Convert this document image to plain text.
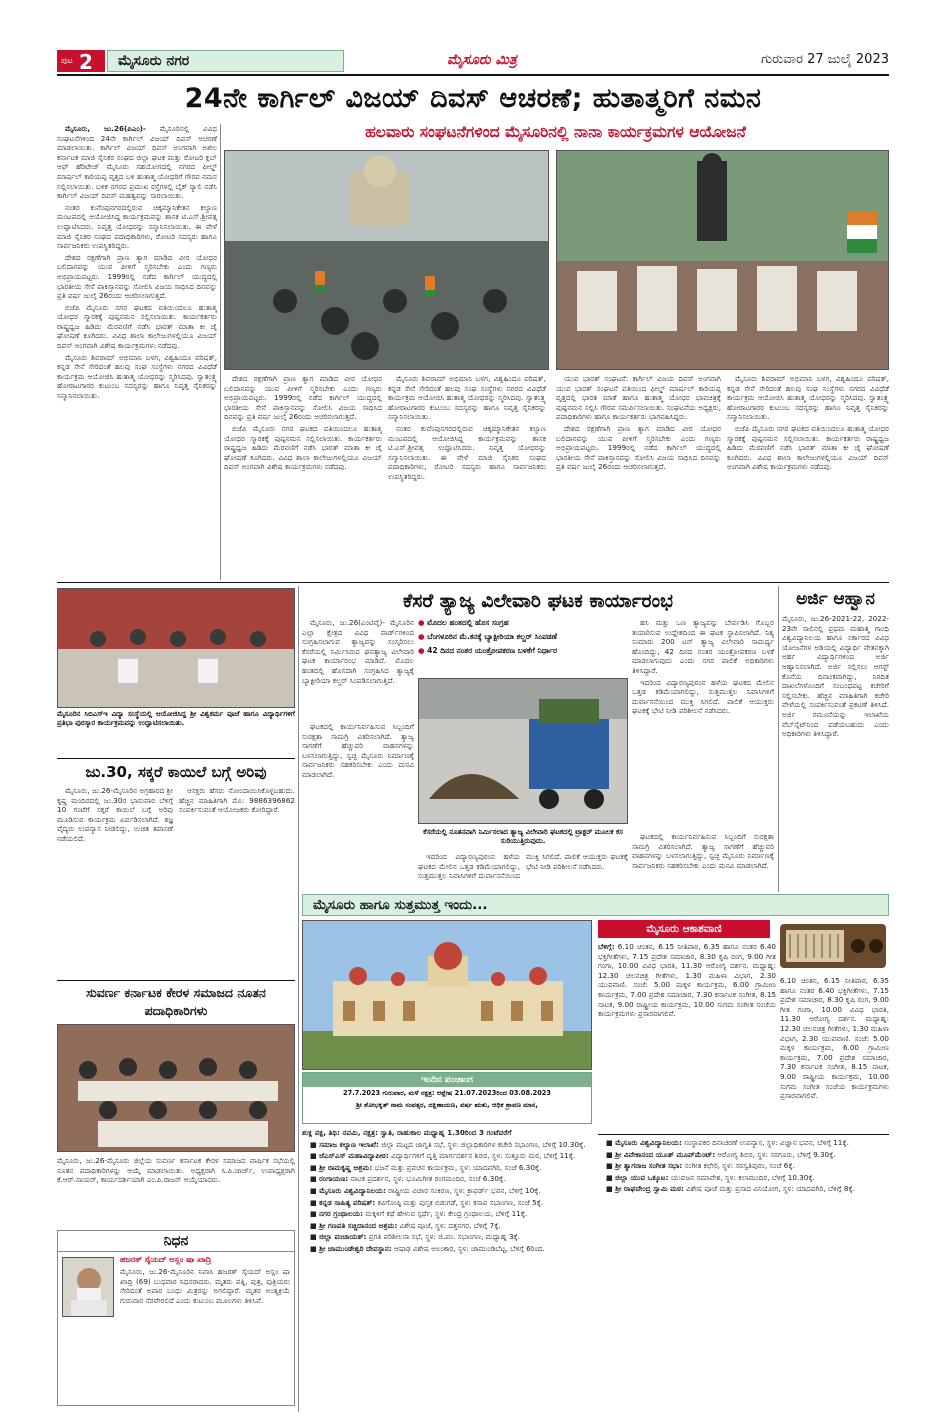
ಪುಟ 2 ಮೈಸೂರು ನಗರ	ಮೈಸೂರು ಮಿತ್ರ	ಗುರುವಾರ 27 ಜುಲೈ 2023
24ನೇ ಕಾರ್ಗಿಲ್ ವಿಜಯ್ ದಿವಸ್ ಆಚರಣೆ; ಹುತಾತ್ಮರಿಗೆ ನಮನ
ಹಲವಾರು ಸಂಘಟನೆಗಳಿಂದ ಮೈಸೂರಿನಲ್ಲಿ ನಾನಾ ಕಾರ್ಯಕ್ರಮಗಳ ಆಯೋಜನೆ

ಮೈಸೂರು, ಜು.26(ಪಿಎಂ)- ಮೈಸೂರಿನಲ್ಲಿ ವಿವಿಧ ಸಂಘಟನೆಗಳಿಂದ 24ನೇ ಕಾರ್ಗಿಲ್ ವಿಜಯ್ ದಿವಸ್ ಆಚರಣೆ ಮಾಡಲಾಯಿತು. ಕಾರ್ಗಿಲ್ ವಿಜಯ್ ದಿವಸ್ ಅಂಗವಾಗಿ ಅಖಿಲ ಕರ್ನಾಟಕ ಮಾಜಿ ಸೈನಿಕರ ಸಂಘದ ಜಿಲ್ಲಾ ಘಟಕ ಮತ್ತು ರೋಟರಿ ಕ್ಲಬ್ ಆಫ್ ಹೆರಿಟೇಜ್ ಮೈಸೂರು ಸಹಯೋಗದಲ್ಲಿ ನಗರದ ಫೀಲ್ಡ್ ಮಾರ್ಷಲ್ ಕಾರಿಯಪ್ಪ ವೃತ್ತದ ಬಳಿ ಹುತಾತ್ಮ ಯೋಧರಿಗೆ ಗೌರವ ನಮನ ಸಲ್ಲಿಸಲಾಯಿತು. ಬಳಿಕ ನಗರದ ಪ್ರಮುಖ ರಸ್ತೆಗಳಲ್ಲಿ ಬೈಕ್ ರ‍್ಯಾಲಿ ನಡೆಸಿ ಕಾರ್ಗಿಲ್ ವಿಜಯ್ ದಿವಸ್ ಮಹತ್ವವನ್ನು ಸಾರಲಾಯಿತು.

ನಂತರ ಕುವೆಂಪುನಗರದಲ್ಲಿರುವ ಚಿಕ್ಕಮ್ಮಾನಿಕೇತನ ಕಲ್ಯಾಣ ಮಂಟಪದಲ್ಲಿ ಆಯೋಜಿಸಿದ್ದ ಕಾರ್ಯಕ್ರಮವನ್ನು ಶಾಸಕ ಟಿ.ಎಸ್.ಶ್ರೀವತ್ಸ ಉದ್ಘಾಟಿಸಿದರು. ನಿವೃತ್ತ ಯೋಧರನ್ನು ಸನ್ಮಾನಿಸಲಾಯಿತು. ಈ ವೇಳೆ ಮಾಜಿ ಸೈನಿಕರ ಸಂಘದ ಪದಾಧಿಕಾರಿಗಳು, ರೋಟರಿ ಸದಸ್ಯರು ಹಾಗೂ ಸಾರ್ವಜನಿಕರು ಉಪಸ್ಥಿತರಿದ್ದರು.

ದೇಶದ ರಕ್ಷಣೆಗಾಗಿ ಪ್ರಾಣ ತ್ಯಾಗ ಮಾಡಿದ ವೀರ ಯೋಧರ ಬಲಿದಾನವನ್ನು ಯುವ ಪೀಳಿಗೆ ಸ್ಮರಿಸಬೇಕು ಎಂದು ಗಣ್ಯರು ಅಭಿಪ್ರಾಯಪಟ್ಟರು. 1999ರಲ್ಲಿ ನಡೆದ ಕಾರ್ಗಿಲ್ ಯುದ್ಧದಲ್ಲಿ ಭಾರತೀಯ ಸೇನೆ ಪಾಕಿಸ್ತಾನವನ್ನು ಸೋಲಿಸಿ ವಿಜಯ ಸಾಧಿಸಿದ ದಿನವನ್ನು ಪ್ರತಿ ವರ್ಷ ಜುಲೈ 26ರಂದು ಆಚರಿಸಲಾಗುತ್ತದೆ.

ಬಿಜೆಪಿ ಮೈಸೂರು ನಗರ ಘಟಕದ ವತಿಯಿಂದಲೂ ಹುತಾತ್ಮ ಯೋಧರ ಸ್ಮಾರಕಕ್ಕೆ ಪುಷ್ಪನಮನ ಸಲ್ಲಿಸಲಾಯಿತು. ಕಾರ್ಯಕರ್ತರು ರಾಷ್ಟ್ರಧ್ವಜ ಹಿಡಿದು ಮೆರವಣಿಗೆ ನಡೆಸಿ ಭಾರತ್ ಮಾತಾ ಕೀ ಜೈ ಘೋಷಣೆ ಕೂಗಿದರು. ವಿವಿಧ ಶಾಲಾ ಕಾಲೇಜುಗಳಲ್ಲಿಯೂ ವಿಜಯ್ ದಿವಸ್ ಅಂಗವಾಗಿ ವಿಶೇಷ ಕಾರ್ಯಕ್ರಮಗಳು ನಡೆದವು.

ಮೈಸೂರು ಶಿವರಾಮ್ ಅಭಿಮಾನಿ ಬಳಗ, ವಿಶ್ವಹಿಂದೂ ಪರಿಷತ್, ಕನ್ನಡ ಸೇನೆ ಸೇರಿದಂತೆ ಹಲವು ಸಂಘ ಸಂಸ್ಥೆಗಳು ನಗರದ ವಿವಿಧೆಡೆ ಕಾರ್ಯಕ್ರಮ ಆಯೋಜಿಸಿ ಹುತಾತ್ಮ ಯೋಧರನ್ನು ಸ್ಮರಿಸಿದವು. ಸ್ವಾತಂತ್ರ್ಯ ಹೋರಾಟಗಾರರ ಕುಟುಂಬ ಸದಸ್ಯರನ್ನು ಹಾಗೂ ನಿವೃತ್ತ ಸೈನಿಕರನ್ನು ಸನ್ಮಾನಿಸಲಾಯಿತು.

ದೇಶದ ರಕ್ಷಣೆಗಾಗಿ ಪ್ರಾಣ ತ್ಯಾಗ ಮಾಡಿದ ವೀರ ಯೋಧರ ಬಲಿದಾನವನ್ನು ಯುವ ಪೀಳಿಗೆ ಸ್ಮರಿಸಬೇಕು ಎಂದು ಗಣ್ಯರು ಅಭಿಪ್ರಾಯಪಟ್ಟರು. 1999ರಲ್ಲಿ ನಡೆದ ಕಾರ್ಗಿಲ್ ಯುದ್ಧದಲ್ಲಿ ಭಾರತೀಯ ಸೇನೆ ಪಾಕಿಸ್ತಾನವನ್ನು ಸೋಲಿಸಿ ವಿಜಯ ಸಾಧಿಸಿದ ದಿನವನ್ನು ಪ್ರತಿ ವರ್ಷ ಜುಲೈ 26ರಂದು ಆಚರಿಸಲಾಗುತ್ತದೆ.

ಬಿಜೆಪಿ ಮೈಸೂರು ನಗರ ಘಟಕದ ವತಿಯಿಂದಲೂ ಹುತಾತ್ಮ ಯೋಧರ ಸ್ಮಾರಕಕ್ಕೆ ಪುಷ್ಪನಮನ ಸಲ್ಲಿಸಲಾಯಿತು. ಕಾರ್ಯಕರ್ತರು ರಾಷ್ಟ್ರಧ್ವಜ ಹಿಡಿದು ಮೆರವಣಿಗೆ ನಡೆಸಿ ಭಾರತ್ ಮಾತಾ ಕೀ ಜೈ ಘೋಷಣೆ ಕೂಗಿದರು. ವಿವಿಧ ಶಾಲಾ ಕಾಲೇಜುಗಳಲ್ಲಿಯೂ ವಿಜಯ್ ದಿವಸ್ ಅಂಗವಾಗಿ ವಿಶೇಷ ಕಾರ್ಯಕ್ರಮಗಳು ನಡೆದವು.

ಮೈಸೂರು ಶಿವರಾಮ್ ಅಭಿಮಾನಿ ಬಳಗ, ವಿಶ್ವಹಿಂದೂ ಪರಿಷತ್, ಕನ್ನಡ ಸೇನೆ ಸೇರಿದಂತೆ ಹಲವು ಸಂಘ ಸಂಸ್ಥೆಗಳು ನಗರದ ವಿವಿಧೆಡೆ ಕಾರ್ಯಕ್ರಮ ಆಯೋಜಿಸಿ ಹುತಾತ್ಮ ಯೋಧರನ್ನು ಸ್ಮರಿಸಿದವು. ಸ್ವಾತಂತ್ರ್ಯ ಹೋರಾಟಗಾರರ ಕುಟುಂಬ ಸದಸ್ಯರನ್ನು ಹಾಗೂ ನಿವೃತ್ತ ಸೈನಿಕರನ್ನು ಸನ್ಮಾನಿಸಲಾಯಿತು.

ನಂತರ ಕುವೆಂಪುನಗರದಲ್ಲಿರುವ ಚಿಕ್ಕಮ್ಮಾನಿಕೇತನ ಕಲ್ಯಾಣ ಮಂಟಪದಲ್ಲಿ ಆಯೋಜಿಸಿದ್ದ ಕಾರ್ಯಕ್ರಮವನ್ನು ಶಾಸಕ ಟಿ.ಎಸ್.ಶ್ರೀವತ್ಸ ಉದ್ಘಾಟಿಸಿದರು. ನಿವೃತ್ತ ಯೋಧರನ್ನು ಸನ್ಮಾನಿಸಲಾಯಿತು. ಈ ವೇಳೆ ಮಾಜಿ ಸೈನಿಕರ ಸಂಘದ ಪದಾಧಿಕಾರಿಗಳು, ರೋಟರಿ ಸದಸ್ಯರು ಹಾಗೂ ಸಾರ್ವಜನಿಕರು ಉಪಸ್ಥಿತರಿದ್ದರು.

ಯುವ ಭಾರತ್ ಸಂಘಟನೆ: ಕಾರ್ಗಿಲ್ ವಿಜಯ ದಿವಸ್ ಅಂಗವಾಗಿ ಯುವ ಭಾರತ್ ಸಂಘಟನೆ ವತಿಯಿಂದ ಫೀಲ್ಡ್ ಮಾರ್ಷಲ್ ಕಾರಿಯಪ್ಪ ವೃತ್ತದಲ್ಲಿ ಭಾರತ ಮಾತೆ ಹಾಗೂ ಹುತಾತ್ಮ ಯೋಧರ ಭಾವಚಿತ್ರಕ್ಕೆ ಪುಷ್ಪನಮನ ಸಲ್ಲಿಸಿ ಗೌರವ ಸಮರ್ಪಿಸಲಾಯಿತು. ಸಂಘಟನೆಯ ಅಧ್ಯಕ್ಷರು, ಪದಾಧಿಕಾರಿಗಳು ಹಾಗೂ ಕಾರ್ಯಕರ್ತರು ಭಾಗವಹಿಸಿದ್ದರು.

ದೇಶದ ರಕ್ಷಣೆಗಾಗಿ ಪ್ರಾಣ ತ್ಯಾಗ ಮಾಡಿದ ವೀರ ಯೋಧರ ಬಲಿದಾನವನ್ನು ಯುವ ಪೀಳಿಗೆ ಸ್ಮರಿಸಬೇಕು ಎಂದು ಗಣ್ಯರು ಅಭಿಪ್ರಾಯಪಟ್ಟರು. 1999ರಲ್ಲಿ ನಡೆದ ಕಾರ್ಗಿಲ್ ಯುದ್ಧದಲ್ಲಿ ಭಾರತೀಯ ಸೇನೆ ಪಾಕಿಸ್ತಾನವನ್ನು ಸೋಲಿಸಿ ವಿಜಯ ಸಾಧಿಸಿದ ದಿನವನ್ನು ಪ್ರತಿ ವರ್ಷ ಜುಲೈ 26ರಂದು ಆಚರಿಸಲಾಗುತ್ತದೆ.

ಮೈಸೂರು ಶಿವರಾಮ್ ಅಭಿಮಾನಿ ಬಳಗ, ವಿಶ್ವಹಿಂದೂ ಪರಿಷತ್, ಕನ್ನಡ ಸೇನೆ ಸೇರಿದಂತೆ ಹಲವು ಸಂಘ ಸಂಸ್ಥೆಗಳು ನಗರದ ವಿವಿಧೆಡೆ ಕಾರ್ಯಕ್ರಮ ಆಯೋಜಿಸಿ ಹುತಾತ್ಮ ಯೋಧರನ್ನು ಸ್ಮರಿಸಿದವು. ಸ್ವಾತಂತ್ರ್ಯ ಹೋರಾಟಗಾರರ ಕುಟುಂಬ ಸದಸ್ಯರನ್ನು ಹಾಗೂ ನಿವೃತ್ತ ಸೈನಿಕರನ್ನು ಸನ್ಮಾನಿಸಲಾಯಿತು.

ಬಿಜೆಪಿ ಮೈಸೂರು ನಗರ ಘಟಕದ ವತಿಯಿಂದಲೂ ಹುತಾತ್ಮ ಯೋಧರ ಸ್ಮಾರಕಕ್ಕೆ ಪುಷ್ಪನಮನ ಸಲ್ಲಿಸಲಾಯಿತು. ಕಾರ್ಯಕರ್ತರು ರಾಷ್ಟ್ರಧ್ವಜ ಹಿಡಿದು ಮೆರವಣಿಗೆ ನಡೆಸಿ ಭಾರತ್ ಮಾತಾ ಕೀ ಜೈ ಘೋಷಣೆ ಕೂಗಿದರು. ವಿವಿಧ ಶಾಲಾ ಕಾಲೇಜುಗಳಲ್ಲಿಯೂ ವಿಜಯ್ ದಿವಸ್ ಅಂಗವಾಗಿ ವಿಶೇಷ ಕಾರ್ಯಕ್ರಮಗಳು ನಡೆದವು.

ಮೈಸೂರಿನ ಸಿಬಿಎಸ್ಇ ವಿದ್ಯಾ ಸಂಸ್ಥೆಯಲ್ಲಿ ಆಯೋಜಿಸಿದ್ದ ಶ್ರೀ ವಿಶ್ವಕರ್ಮ ಪೂಜೆ ಹಾಗೂ ವಿದ್ಯಾರ್ಥಿಗಳಿಗೆ ಪ್ರತಿಭಾ ಪುರಸ್ಕಾರ ಕಾರ್ಯಕ್ರಮವನ್ನು ಉದ್ಘಾಟಿಸಲಾಯಿತು.
ಜು.30, ಸಕ್ಕರೆ ಕಾಯಿಲೆ ಬಗ್ಗೆ ಅರಿವು

ಮೈಸೂರು, ಜು.26-ಮೈಸೂರಿನ ಅಗ್ರಹಾರದ ಶ್ರೀ ಕೃಷ್ಣ ಮಂದಿರದಲ್ಲಿ ಜು.30ರ ಭಾನುವಾರ ಬೆಳಿಗ್ಗೆ 10 ಗಂಟೆಗೆ ಸಕ್ಕರೆ ಕಾಯಿಲೆ ಬಗ್ಗೆ ಅರಿವು ಮೂಡಿಸುವ ಕಾರ್ಯಕ್ರಮ ಏರ್ಪಡಿಸಲಾಗಿದೆ. ತಜ್ಞ ವೈದ್ಯರು ಉಪನ್ಯಾಸ ನೀಡಲಿದ್ದು, ಉಚಿತ ತಪಾಸಣೆ ನಡೆಯಲಿದೆ.

ಆಸಕ್ತರು ಹೆಸರು ನೋಂದಾಯಿಸಿಕೊಳ್ಳಬಹುದು. ಹೆಚ್ಚಿನ ಮಾಹಿತಿಗಾಗಿ ಮೊ: 9886396862 ಸಂಪರ್ಕಿಸುವಂತೆ ಆಯೋಜಕರು ಕೋರಿದ್ದಾರೆ.

ಸುವರ್ಣ ಕರ್ನಾಟಕ ಕೇರಳ ಸಮಾಜದ ನೂತನ ಪದಾಧಿಕಾರಿಗಳು
ಮೈಸೂರು, ಜು.26-ಮೈಸೂರು ಜಿಲ್ಲೆಯ ಸುವರ್ಣ ಕರ್ನಾಟಕ ಕೇರಳ ಸಮಾಜದ ವಾರ್ಷಿಕ ಸಭೆಯಲ್ಲಿ ನೂತನ ಪದಾಧಿಕಾರಿಗಳನ್ನು ಆಯ್ಕೆ ಮಾಡಲಾಯಿತು. ಅಧ್ಯಕ್ಷರಾಗಿ ಸಿ.ಪಿ.ಜಾರ್ಜ್, ಉಪಾಧ್ಯಕ್ಷರಾಗಿ ಕೆ.ಆರ್.ನಾಯರ್, ಕಾರ್ಯದರ್ಶಿಯಾಗಿ ಎಂ.ಪಿ.ರಾಜನ್ ಆಯ್ಕೆಯಾದರು.
ನಿಧನ
ಹಜರತ್ ಸೈಯದ್ ಅಸ್ಲಂ ಷಾ ಖಾದ್ರಿ
ಮೈಸೂರು, ಜು.26-ಮೈಸೂರಿನ ನಿವಾಸಿ ಹಜರತ್ ಸೈಯದ್ ಅಸ್ಲಂ ಷಾ ಖಾದ್ರಿ (69) ಬುಧವಾರ ನಿಧನರಾದರು. ಮೃತರು ಪತ್ನಿ, ಪುತ್ರ, ಪುತ್ರಿಯರು ಸೇರಿದಂತೆ ಅಪಾರ ಬಂಧು ಮಿತ್ರರನ್ನು ಅಗಲಿದ್ದಾರೆ. ಮೃತರ ಅಂತ್ಯಕ್ರಿಯೆ ಗುರುವಾರ ನೆರವೇರಲಿದೆ ಎಂದು ಕುಟುಂಬ ಮೂಲಗಳು ತಿಳಿಸಿವೆ.
ಕೆಸರೆ ತ್ಯಾಜ್ಯ ವಿಲೇವಾರಿ ಘಟಕ ಕಾರ್ಯಾರಂಭ

ಮೈಸೂರು, ಜು.26(ಎಂಟಿವೈ)- ಮೈಸೂರಿನ ಎಲ್ಲಾ ಕ್ಷೇತ್ರದ ವಿವಿಧ ವಾರ್ಡ್‌ಗಳಿಂದ ಸಂಗ್ರಹಿಸಲಾಗುವ ತ್ಯಾಜ್ಯವನ್ನು ಸಂಸ್ಕರಿಸಲು ಕೆಸರೆಯಲ್ಲಿ ನಿರ್ಮಿಸಿರುವ ಘನತ್ಯಾಜ್ಯ ವಿಲೇವಾರಿ ಘಟಕ ಕಾರ್ಯಾರಂಭ ಮಾಡಿದೆ. ಮೊದಲ ಹಂತದಲ್ಲಿ ಹೊಸದಾಗಿ ಸಂಗ್ರಹಿಸಿದ ತ್ಯಾಜ್ಯಕ್ಕೆ ಬ್ಯಾಕ್ಟೀರಿಯಾ ಕಲ್ಚರ್ ಸಿಂಪಡಿಸಲಾಗುತ್ತಿದೆ.

● ಮೊದಲ ಹಂತದಲ್ಲಿ ಹೊಸ ಸಂಗ್ರಹ
● ಬೆಂಗಳೂರಿನ ಮೆ.ಕನಕ್ಕೆ ಬ್ಯಾಕ್ಟೀರಿಯಾ ಕಲ್ಚರ್ ಸಿಂಪಡಣೆ
● 42 ದಿನದ ನಂತರ ಯಂತ್ರೋಪಕರಣ ಬಳಕೆಗೆ ನಿರ್ಧಾರ

ಹಸಿ ಮತ್ತು ಒಣ ತ್ಯಾಜ್ಯವನ್ನು ಬೇರ್ಪಡಿಸಿ ಗೊಬ್ಬರ ತಯಾರಿಸುವ ಉದ್ದೇಶದಿಂದ ಈ ಘಟಕ ಸ್ಥಾಪಿಸಲಾಗಿದೆ. ನಿತ್ಯ ಸುಮಾರು 200 ಟನ್ ತ್ಯಾಜ್ಯ ವಿಲೇವಾರಿ ಸಾಮರ್ಥ್ಯ ಹೊಂದಿದ್ದು, 42 ದಿನದ ನಂತರ ಯಂತ್ರೋಪಕರಣ ಬಳಕೆ ಮಾಡಲಾಗುವುದು ಎಂದು ನಗರ ಪಾಲಿಕೆ ಅಧಿಕಾರಿಗಳು ತಿಳಿಸಿದ್ದಾರೆ.

ಇದರಿಂದ ವಿದ್ಯಾರಣ್ಯಪುರಂನ ಹಳೆಯ ಘಟಕದ ಮೇಲಿನ ಒತ್ತಡ ಕಡಿಮೆಯಾಗಲಿದ್ದು, ಸುತ್ತಮುತ್ತಲ ನಿವಾಸಿಗಳಿಗೆ ದುರ್ವಾಸನೆಯಿಂದ ಮುಕ್ತಿ ಸಿಗಲಿದೆ. ಪಾಲಿಕೆ ಆಯುಕ್ತರು ಘಟಕಕ್ಕೆ ಭೇಟಿ ನೀಡಿ ಪರಿಶೀಲನೆ ನಡೆಸಿದರು.

ಕೆಸರೆಯಲ್ಲಿ ನೂತನವಾಗಿ ನಿರ್ಮಿಸಲಾದ ತ್ಯಾಜ್ಯ ವಿಲೇವಾರಿ ಘಟಕದಲ್ಲಿ ಟ್ರಾಕ್ಟರ್ ಮೂಲಕ ಕಸ ಸುರಿಯುತ್ತಿರುವುದು.

ಘಟಕದಲ್ಲಿ ಕಾರ್ಯನಿರ್ವಹಿಸುವ ಸಿಬ್ಬಂದಿಗೆ ಸುರಕ್ಷತಾ ಸಾಮಗ್ರಿ ವಿತರಿಸಲಾಗಿದೆ. ತ್ಯಾಜ್ಯ ಸಾಗಣೆಗೆ ಹೆಚ್ಚುವರಿ ವಾಹನಗಳನ್ನು ಬಳಸಲಾಗುತ್ತಿದ್ದು, ಸ್ವಚ್ಛ ಮೈಸೂರು ನಿರ್ಮಾಣಕ್ಕೆ ಸಾರ್ವಜನಿಕರು ಸಹಕರಿಸಬೇಕು ಎಂದು ಮನವಿ ಮಾಡಲಾಗಿದೆ.

ಇದರಿಂದ ವಿದ್ಯಾರಣ್ಯಪುರಂನ ಹಳೆಯ ಘಟಕದ ಮೇಲಿನ ಒತ್ತಡ ಕಡಿಮೆಯಾಗಲಿದ್ದು, ಸುತ್ತಮುತ್ತಲ ನಿವಾಸಿಗಳಿಗೆ ದುರ್ವಾಸನೆಯಿಂದ ಮುಕ್ತಿ ಸಿಗಲಿದೆ. ಪಾಲಿಕೆ ಆಯುಕ್ತರು ಘಟಕಕ್ಕೆ ಭೇಟಿ ನೀಡಿ ಪರಿಶೀಲನೆ ನಡೆಸಿದರು.

ಘಟಕದಲ್ಲಿ ಕಾರ್ಯನಿರ್ವಹಿಸುವ ಸಿಬ್ಬಂದಿಗೆ ಸುರಕ್ಷತಾ ಸಾಮಗ್ರಿ ವಿತರಿಸಲಾಗಿದೆ. ತ್ಯಾಜ್ಯ ಸಾಗಣೆಗೆ ಹೆಚ್ಚುವರಿ ವಾಹನಗಳನ್ನು ಬಳಸಲಾಗುತ್ತಿದ್ದು, ಸ್ವಚ್ಛ ಮೈಸೂರು ನಿರ್ಮಾಣಕ್ಕೆ ಸಾರ್ವಜನಿಕರು ಸಹಕರಿಸಬೇಕು ಎಂದು ಮನವಿ ಮಾಡಲಾಗಿದೆ.

ಅರ್ಜಿ ಆಹ್ವಾನ
ಮೈಸೂರು, ಜು.26-2021-22, 2022-23ನೇ ಸಾಲಿನಲ್ಲಿ ಪ್ರಥಮ ಮಹಾತ್ಮ ಗಾಂಧಿ ವಿಶ್ವವಿದ್ಯಾನಿಲಯ ಹಾಗೂ ಸರ್ಕಾರದ ವಿವಿಧ ಯೋಜನೆಗಳ ಅಡಿಯಲ್ಲಿ ವಿದ್ಯಾರ್ಥಿ ವೇತನಕ್ಕಾಗಿ ಅರ್ಹ ವಿದ್ಯಾರ್ಥಿಗಳಿಂದ ಅರ್ಜಿ ಆಹ್ವಾನಿಸಲಾಗಿದೆ. ಅರ್ಜಿ ಸಲ್ಲಿಸಲು ಆಗಸ್ಟ್ ಕೊನೆಯ ದಿನಾಂಕವಾಗಿದ್ದು, ನಿಗದಿತ ದಾಖಲೆಗಳೊಂದಿಗೆ ಸಂಬಂಧಪಟ್ಟ ಕಚೇರಿಗೆ ಸಲ್ಲಿಸಬೇಕು. ಹೆಚ್ಚಿನ ಮಾಹಿತಿಗಾಗಿ ಕಚೇರಿ ವೇಳೆಯಲ್ಲಿ ಸಂಪರ್ಕಿಸುವಂತೆ ಪ್ರಕಟಣೆ ತಿಳಿಸಿದೆ. ಅರ್ಜಿ ನಮೂನೆಯನ್ನು ಇಲಾಖೆಯ ವೆಬ್‌ಸೈಟ್‌ನಿಂದ ಪಡೆಯಬಹುದು ಎಂದು ಅಧಿಕಾರಿಗಳು ತಿಳಿಸಿದ್ದಾರೆ.
ಮೈಸೂರು ಹಾಗೂ ಸುತ್ತಮುತ್ತ ಇಂದು...
ಮೈಸೂರು ಆಕಾಶವಾಣಿ
ಬೆಳಿಗ್ಗೆ: 6.10 ಚಿಂತನ, 6.15 ನೀತಿಪಾಠ, 6.35 ಹಾಗೂ ನಂತರ 6.40 ಭಕ್ತಿಗೀತೆಗಳು, 7.15 ಪ್ರದೇಶ ಸಮಾಚಾರ, 8.30 ಕೃಷಿ ರಂಗ, 9.00 ಗೀತ ಗಂಗಾ, 10.00 ವಿವಿಧ ಭಾರತಿ, 11.30 ಆರೋಗ್ಯ ದರ್ಶನ. ಮಧ್ಯಾಹ್ನ: 12.30 ಚಲನಚಿತ್ರ ಗೀತೆಗಳು, 1.30 ಮಹಿಳಾ ವಿಭಾಗ, 2.30 ಯುವವಾಣಿ. ಸಂಜೆ: 5.00 ಮಕ್ಕಳ ಕಾರ್ಯಕ್ರಮ, 6.00 ಗ್ರಾಮೀಣ ಕಾರ್ಯಕ್ರಮ, 7.00 ಪ್ರದೇಶ ಸಮಾಚಾರ, 7.30 ಕರ್ನಾಟಕ ಸಂಗೀತ, 8.15 ನಾಟಕ, 9.00 ರಾಷ್ಟ್ರೀಯ ಕಾರ್ಯಕ್ರಮ, 10.00 ಸುಗಮ ಸಂಗೀತ ಸಂಜೆಯ ಕಾರ್ಯಕ್ರಮಗಳು ಪ್ರಸಾರವಾಗಲಿವೆ.
6.10 ಚಿಂತನ, 6.15 ನೀತಿಪಾಠ, 6.35 ಹಾಗೂ ನಂತರ 6.40 ಭಕ್ತಿಗೀತೆಗಳು, 7.15 ಪ್ರದೇಶ ಸಮಾಚಾರ, 8.30 ಕೃಷಿ ರಂಗ, 9.00 ಗೀತ ಗಂಗಾ, 10.00 ವಿವಿಧ ಭಾರತಿ, 11.30 ಆರೋಗ್ಯ ದರ್ಶನ. ಮಧ್ಯಾಹ್ನ: 12.30 ಚಲನಚಿತ್ರ ಗೀತೆಗಳು, 1.30 ಮಹಿಳಾ ವಿಭಾಗ, 2.30 ಯುವವಾಣಿ. ಸಂಜೆ: 5.00 ಮಕ್ಕಳ ಕಾರ್ಯಕ್ರಮ, 6.00 ಗ್ರಾಮೀಣ ಕಾರ್ಯಕ್ರಮ, 7.00 ಪ್ರದೇಶ ಸಮಾಚಾರ, 7.30 ಕರ್ನಾಟಕ ಸಂಗೀತ, 8.15 ನಾಟಕ, 9.00 ರಾಷ್ಟ್ರೀಯ ಕಾರ್ಯಕ್ರಮ, 10.00 ಸುಗಮ ಸಂಗೀತ ಸಂಜೆಯ ಕಾರ್ಯಕ್ರಮಗಳು ಪ್ರಸಾರವಾಗಲಿವೆ.
ಇಂದಿನ ಪಂಚಾಂಗ
27.7.2023 ಗುರುವಾರ, ಮಳೆ ನಕ್ಷತ್ರ: ಆಶ್ಲೇಷ 21.07.2023ರಿಂದ 03.08.2023
ಶ್ರೀ ಶೋಭಕೃತ್ ನಾಮ ಸಂವತ್ಸರ, ದಕ್ಷಿಣಾಯಣ, ವರ್ಷ ಋತು, ಆಧಿಕ ಶ್ರಾವಣ ಮಾಸ,

ಶುಕ್ಲ ಪಕ್ಷ, ತಿಥಿ: ನವಮಿ, ನಕ್ಷತ್ರ: ಸ್ವಾತಿ, ರಾಹುಕಾಲ ಮಧ್ಯಾಹ್ನ 1.30ರಿಂದ 3 ಗಂಟೆವರೆಗೆ

■ ಸಮಾಜ ಕಲ್ಯಾಣ ಇಲಾಖೆ: ಜಿಲ್ಲಾ ಮಟ್ಟದ ಜಾಗೃತಿ ಸಭೆ, ಸ್ಥಳ: ಜಿಲ್ಲಾಧಿಕಾರಿಗಳ ಕಚೇರಿ ಸಭಾಂಗಣ, ಬೆಳಿಗ್ಗೆ 10.30ಕ್ಕೆ.

■ ಜೆಎಸ್‌ಎಸ್ ಮಹಾವಿದ್ಯಾಪೀಠ: ವಿದ್ಯಾರ್ಥಿಗಳಿಗೆ ವೃತ್ತಿ ಮಾರ್ಗದರ್ಶನ ಶಿಬಿರ, ಸ್ಥಳ: ಸುತ್ತೂರು ಮಠ, ಬೆಳಿಗ್ಗೆ 11ಕ್ಕೆ.

■ ಶ್ರೀ ರಾಮಕೃಷ್ಣ ಆಶ್ರಮ: ಭಜನೆ ಮತ್ತು ಪ್ರವಚನ ಕಾರ್ಯಕ್ರಮ, ಸ್ಥಳ: ಯಾದವಗಿರಿ, ಸಂಜೆ 6.30ಕ್ಕೆ.

■ ರಂಗಾಯಣ: ನಾಟಕ ಪ್ರದರ್ಶನ, ಸ್ಥಳ: ಭೂಮಿಗೀತ ರಂಗಮಂದಿರ, ಸಂಜೆ 6.30ಕ್ಕೆ.

■ ಮೈಸೂರು ವಿಶ್ವವಿದ್ಯಾನಿಲಯ: ರಾಷ್ಟ್ರೀಯ ವಿಚಾರ ಸಂಕಿರಣ, ಸ್ಥಳ: ಕ್ರಾಫರ್ಡ್ ಭವನ, ಬೆಳಿಗ್ಗೆ 10ಕ್ಕೆ.

■ ಕನ್ನಡ ಸಾಹಿತ್ಯ ಪರಿಷತ್: ಕವಿಗೋಷ್ಠಿ ಮತ್ತು ಪುಸ್ತಕ ಬಿಡುಗಡೆ, ಸ್ಥಳ: ಕಸಾಪ ಸಭಾಂಗಣ, ಸಂಜೆ 5ಕ್ಕೆ.

■ ನಗರ ಗ್ರಂಥಾಲಯ: ಮಕ್ಕಳಿಗೆ ಕಥೆ ಹೇಳುವ ಸ್ಪರ್ಧೆ, ಸ್ಥಳ: ಕೇಂದ್ರ ಗ್ರಂಥಾಲಯ, ಬೆಳಿಗ್ಗೆ 11ಕ್ಕೆ.

■ ಶ್ರೀ ಗಣಪತಿ ಸಚ್ಚಿದಾನಂದ ಆಶ್ರಮ: ವಿಶೇಷ ಪೂಜೆ, ಸ್ಥಳ: ದತ್ತನಗರ, ಬೆಳಿಗ್ಗೆ 7ಕ್ಕೆ.

■ ಜಿಲ್ಲಾ ಪಂಚಾಯತ್: ಪ್ರಗತಿ ಪರಿಶೀಲನಾ ಸಭೆ, ಸ್ಥಳ: ಜಿ.ಪಂ. ಸಭಾಂಗಣ, ಮಧ್ಯಾಹ್ನ 3ಕ್ಕೆ.

■ ಶ್ರೀ ಚಾಮುಂಡೇಶ್ವರಿ ದೇವಸ್ಥಾನ: ಆಷಾಢ ವಿಶೇಷ ಅಲಂಕಾರ, ಸ್ಥಳ: ಚಾಮುಂಡಿಬೆಟ್ಟ, ಬೆಳಿಗ್ಗೆ 6ರಿಂದ.

■ ಮೈಸೂರು ವಿಶ್ವವಿದ್ಯಾನಿಲಯ: ಸಂಸ್ಥಾಪಕರ ದಿನಾಚರಣೆ ಉಪನ್ಯಾಸ, ಸ್ಥಳ: ವಿಜ್ಞಾನ ಭವನ, ಬೆಳಿಗ್ಗೆ 11ಕ್ಕೆ.

■ ಶ್ರೀ ವಿವೇಕಾನಂದ ಯೂತ್ ಮೂವ್‌ಮೆಂಟ್: ಆರೋಗ್ಯ ಶಿಬಿರ, ಸ್ಥಳ: ಸರಗೂರು, ಬೆಳಿಗ್ಗೆ 9.30ಕ್ಕೆ.

■ ಶ್ರೀ ತ್ಯಾಗರಾಜ ಸಂಗೀತ ಸಭಾ: ಸಂಗೀತ ಕಛೇರಿ, ಸ್ಥಳ: ಸರಸ್ವತಿಪುರಂ, ಸಂಜೆ 6ಕ್ಕೆ.

■ ಜಿಲ್ಲಾ ಯುವ ಒಕ್ಕೂಟ: ಯುವಜನ ಸಮಾವೇಶ, ಸ್ಥಳ: ಕಲಾಮಂದಿರ, ಬೆಳಿಗ್ಗೆ 10.30ಕ್ಕೆ.

■ ಶ್ರೀ ರಾಘವೇಂದ್ರ ಸ್ವಾಮಿ ಮಠ: ವಿಶೇಷ ಪೂಜೆ ಮತ್ತು ಪ್ರಸಾದ ವಿನಿಯೋಗ, ಸ್ಥಳ: ಯಾದವಗಿರಿ, ಬೆಳಿಗ್ಗೆ 8ಕ್ಕೆ.
